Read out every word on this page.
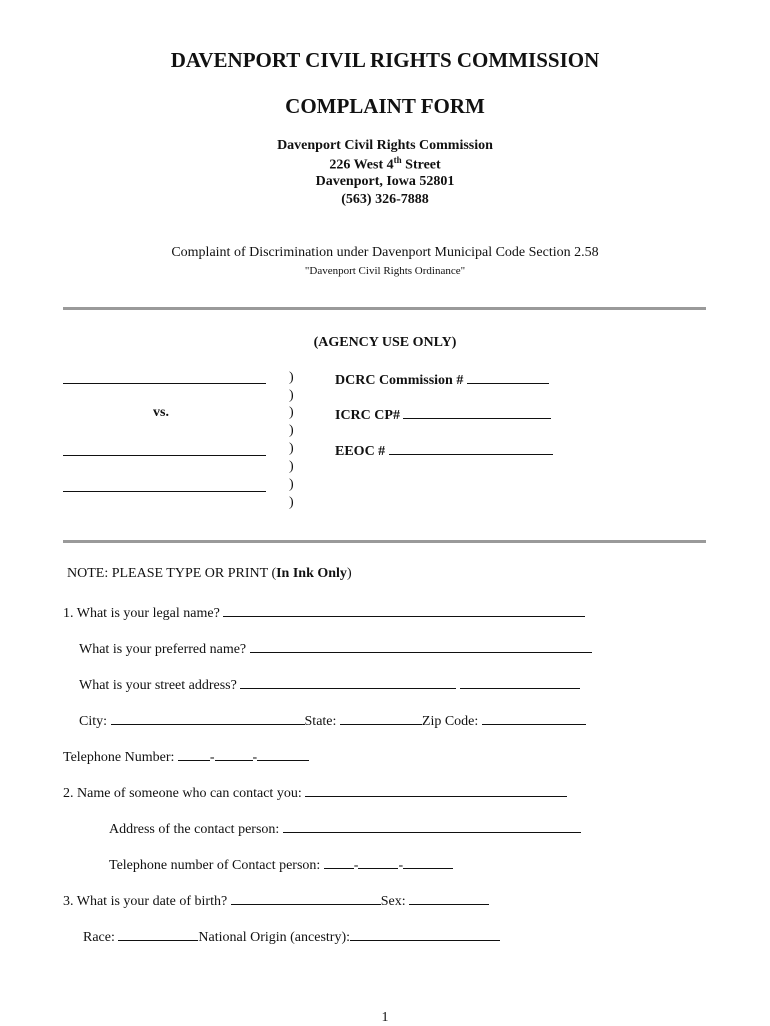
DAVENPORT CIVIL RIGHTS COMMISSION
COMPLAINT FORM
Davenport Civil Rights Commission
226 West 4th Street
Davenport, Iowa 52801
(563) 326-7888
Complaint of Discrimination under Davenport Municipal Code Section 2.58
"Davenport Civil Rights Ordinance"
(AGENCY USE ONLY)
vs.
)
)
)
)
)
)
)
)
DCRC Commission #
ICRC CP#
EEOC #
NOTE: PLEASE TYPE OR PRINT (In Ink Only)
1. What is your legal name?
What is your preferred name?
What is your street address?
City:	State:	Zip Code:
Telephone Number:	-	-
2. Name of someone who can contact you:
Address of the contact person:
Telephone number of Contact person: -	-
3. What is your date of birth?	Sex:
Race:	National Origin (ancestry):
1
